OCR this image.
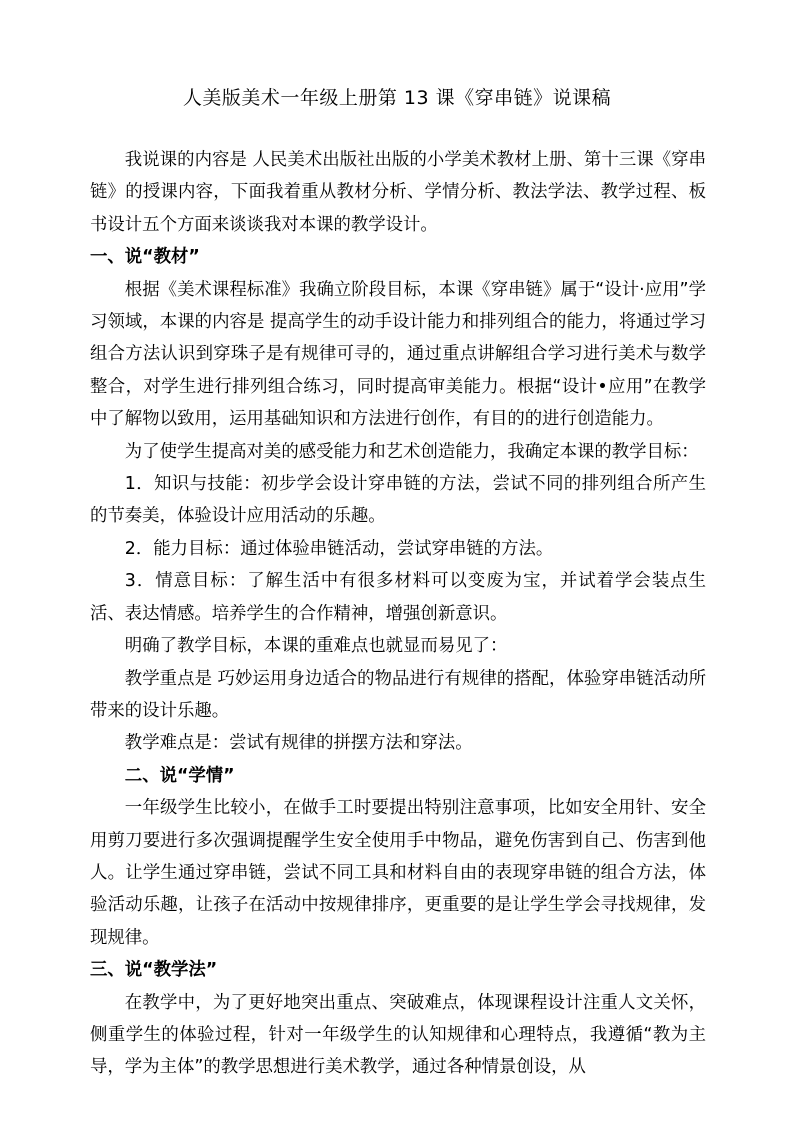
人美版美术一年级上册第 13 课《穿串链》说课稿

我说课的内容是 人民美术出版社出版的小学美术教材上册、第十三课《穿串链》的授课内容，下面我着重从教材分析、学情分析、教法学法、教学过程、板书设计五个方面来谈谈我对本课的教学设计。

一、说“教材”

根据《美术课程标准》我确立阶段目标，本课《穿串链》属于“设计·应用”学习领域，本课的内容是 提高学生的动手设计能力和排列组合的能力，将通过学习组合方法认识到穿珠子是有规律可寻的，通过重点讲解组合学习进行美术与数学整合，对学生进行排列组合练习，同时提高审美能力。根据“设计•应用”在教学中了解物以致用，运用基础知识和方法进行创作，有目的的进行创造能力。

为了使学生提高对美的感受能力和艺术创造能力，我确定本课的教学目标：

1．知识与技能：初步学会设计穿串链的方法，尝试不同的排列组合所产生的节奏美，体验设计应用活动的乐趣。

2．能力目标：通过体验串链活动，尝试穿串链的方法。

3．情意目标：了解生活中有很多材料可以变废为宝，并试着学会装点生活、表达情感。培养学生的合作精神，增强创新意识。

明确了教学目标，本课的重难点也就显而易见了：

教学重点是 巧妙运用身边适合的物品进行有规律的搭配，体验穿串链活动所带来的设计乐趣。

教学难点是：尝试有规律的拼摆方法和穿法。

二、说“学情”

一年级学生比较小，在做手工时要提出特别注意事项，比如安全用针、安全用剪刀要进行多次强调提醒学生安全使用手中物品，避免伤害到自己、伤害到他人。让学生通过穿串链，尝试不同工具和材料自由的表现穿串链的组合方法，体验活动乐趣，让孩子在活动中按规律排序，更重要的是让学生学会寻找规律，发现规律。

三、说“教学法”

在教学中，为了更好地突出重点、突破难点，体现课程设计注重人文关怀，侧重学生的体验过程，针对一年级学生的认知规律和心理特点，我遵循“教为主导，学为主体”的教学思想进行美术教学，通过各种情景创设，从
